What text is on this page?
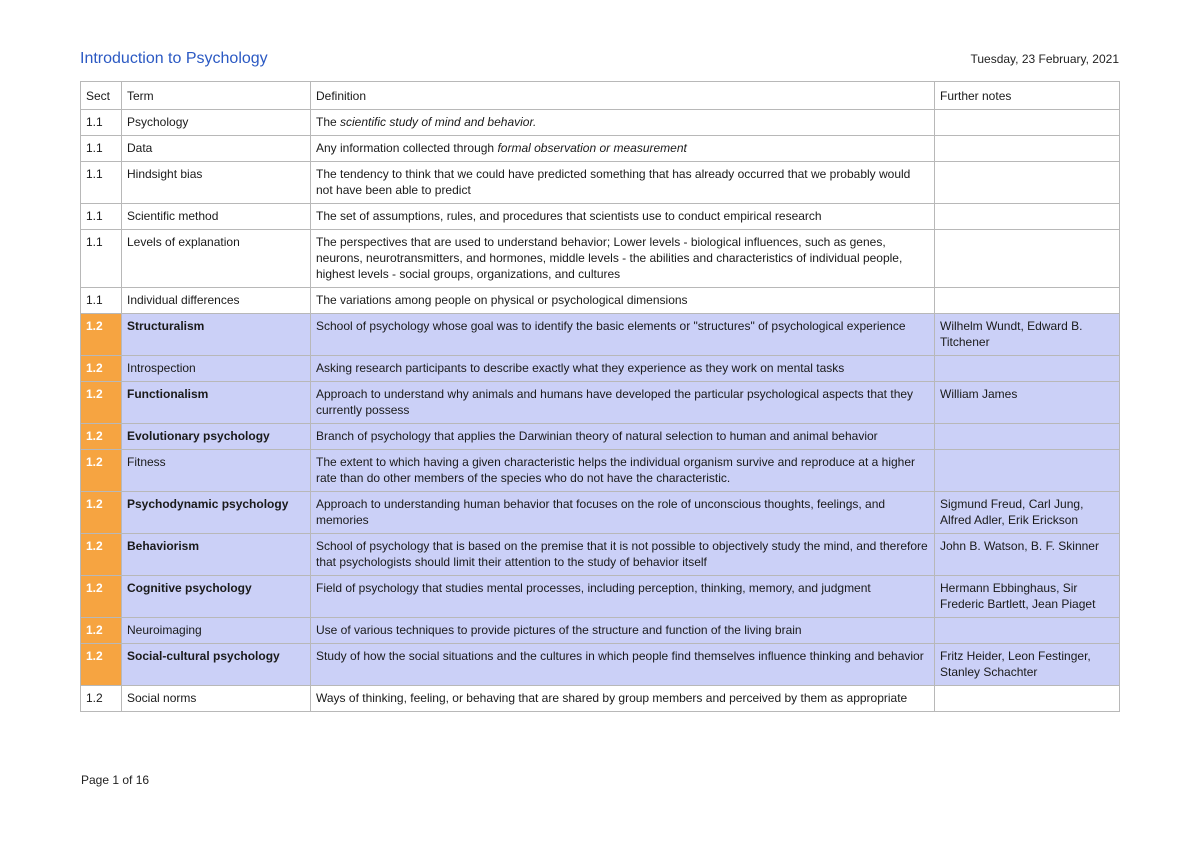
Introduction to Psychology	Tuesday, 23 February, 2021
Sect	Term	Definition	Further notes
1.1	Psychology	The scientific study of mind and behavior.	
1.1	Data	Any information collected through formal observation or measurement	
1.1	Hindsight bias	The tendency to think that we could have predicted something that has already occurred that we probably would not have been able to predict	
1.1	Scientific method	The set of assumptions, rules, and procedures that scientists use to conduct empirical research	
1.1	Levels of explanation	The perspectives that are used to understand behavior; Lower levels - biological influences, such as genes, neurons, neurotransmitters, and hormones, middle levels - the abilities and characteristics of individual people, highest levels - social groups, organizations, and cultures	
1.1	Individual differences	The variations among people on physical or psychological dimensions	
1.2	Structuralism	School of psychology whose goal was to identify the basic elements or "structures" of psychological experience	Wilhelm Wundt, Edward B. Titchener
1.2	Introspection	Asking research participants to describe exactly what they experience as they work on mental tasks	
1.2	Functionalism	Approach to understand why animals and humans have developed the particular psychological aspects that they currently possess	William James
1.2	Evolutionary psychology	Branch of psychology that applies the Darwinian theory of natural selection to human and animal behavior	
1.2	Fitness	The extent to which having a given characteristic helps the individual organism survive and reproduce at a higher rate than do other members of the species who do not have the characteristic.	
1.2	Psychodynamic psychology	Approach to understanding human behavior that focuses on the role of unconscious thoughts, feelings, and memories	Sigmund Freud, Carl Jung, Alfred Adler, Erik Erickson
1.2	Behaviorism	School of psychology that is based on the premise that it is not possible to objectively study the mind, and therefore that psychologists should limit their attention to the study of behavior itself	John B. Watson, B. F. Skinner
1.2	Cognitive psychology	Field of psychology that studies mental processes, including perception, thinking, memory, and judgment	Hermann Ebbinghaus, Sir Frederic Bartlett, Jean Piaget
1.2	Neuroimaging	Use of various techniques to provide pictures of the structure and function of the living brain	
1.2	Social-cultural psychology	Study of how the social situations and the cultures in which people find themselves influence thinking and behavior	Fritz Heider, Leon Festinger, Stanley Schachter
1.2	Social norms	Ways of thinking, feeling, or behaving that are shared by group members and perceived by them as appropriate	
Page 1 of 16
